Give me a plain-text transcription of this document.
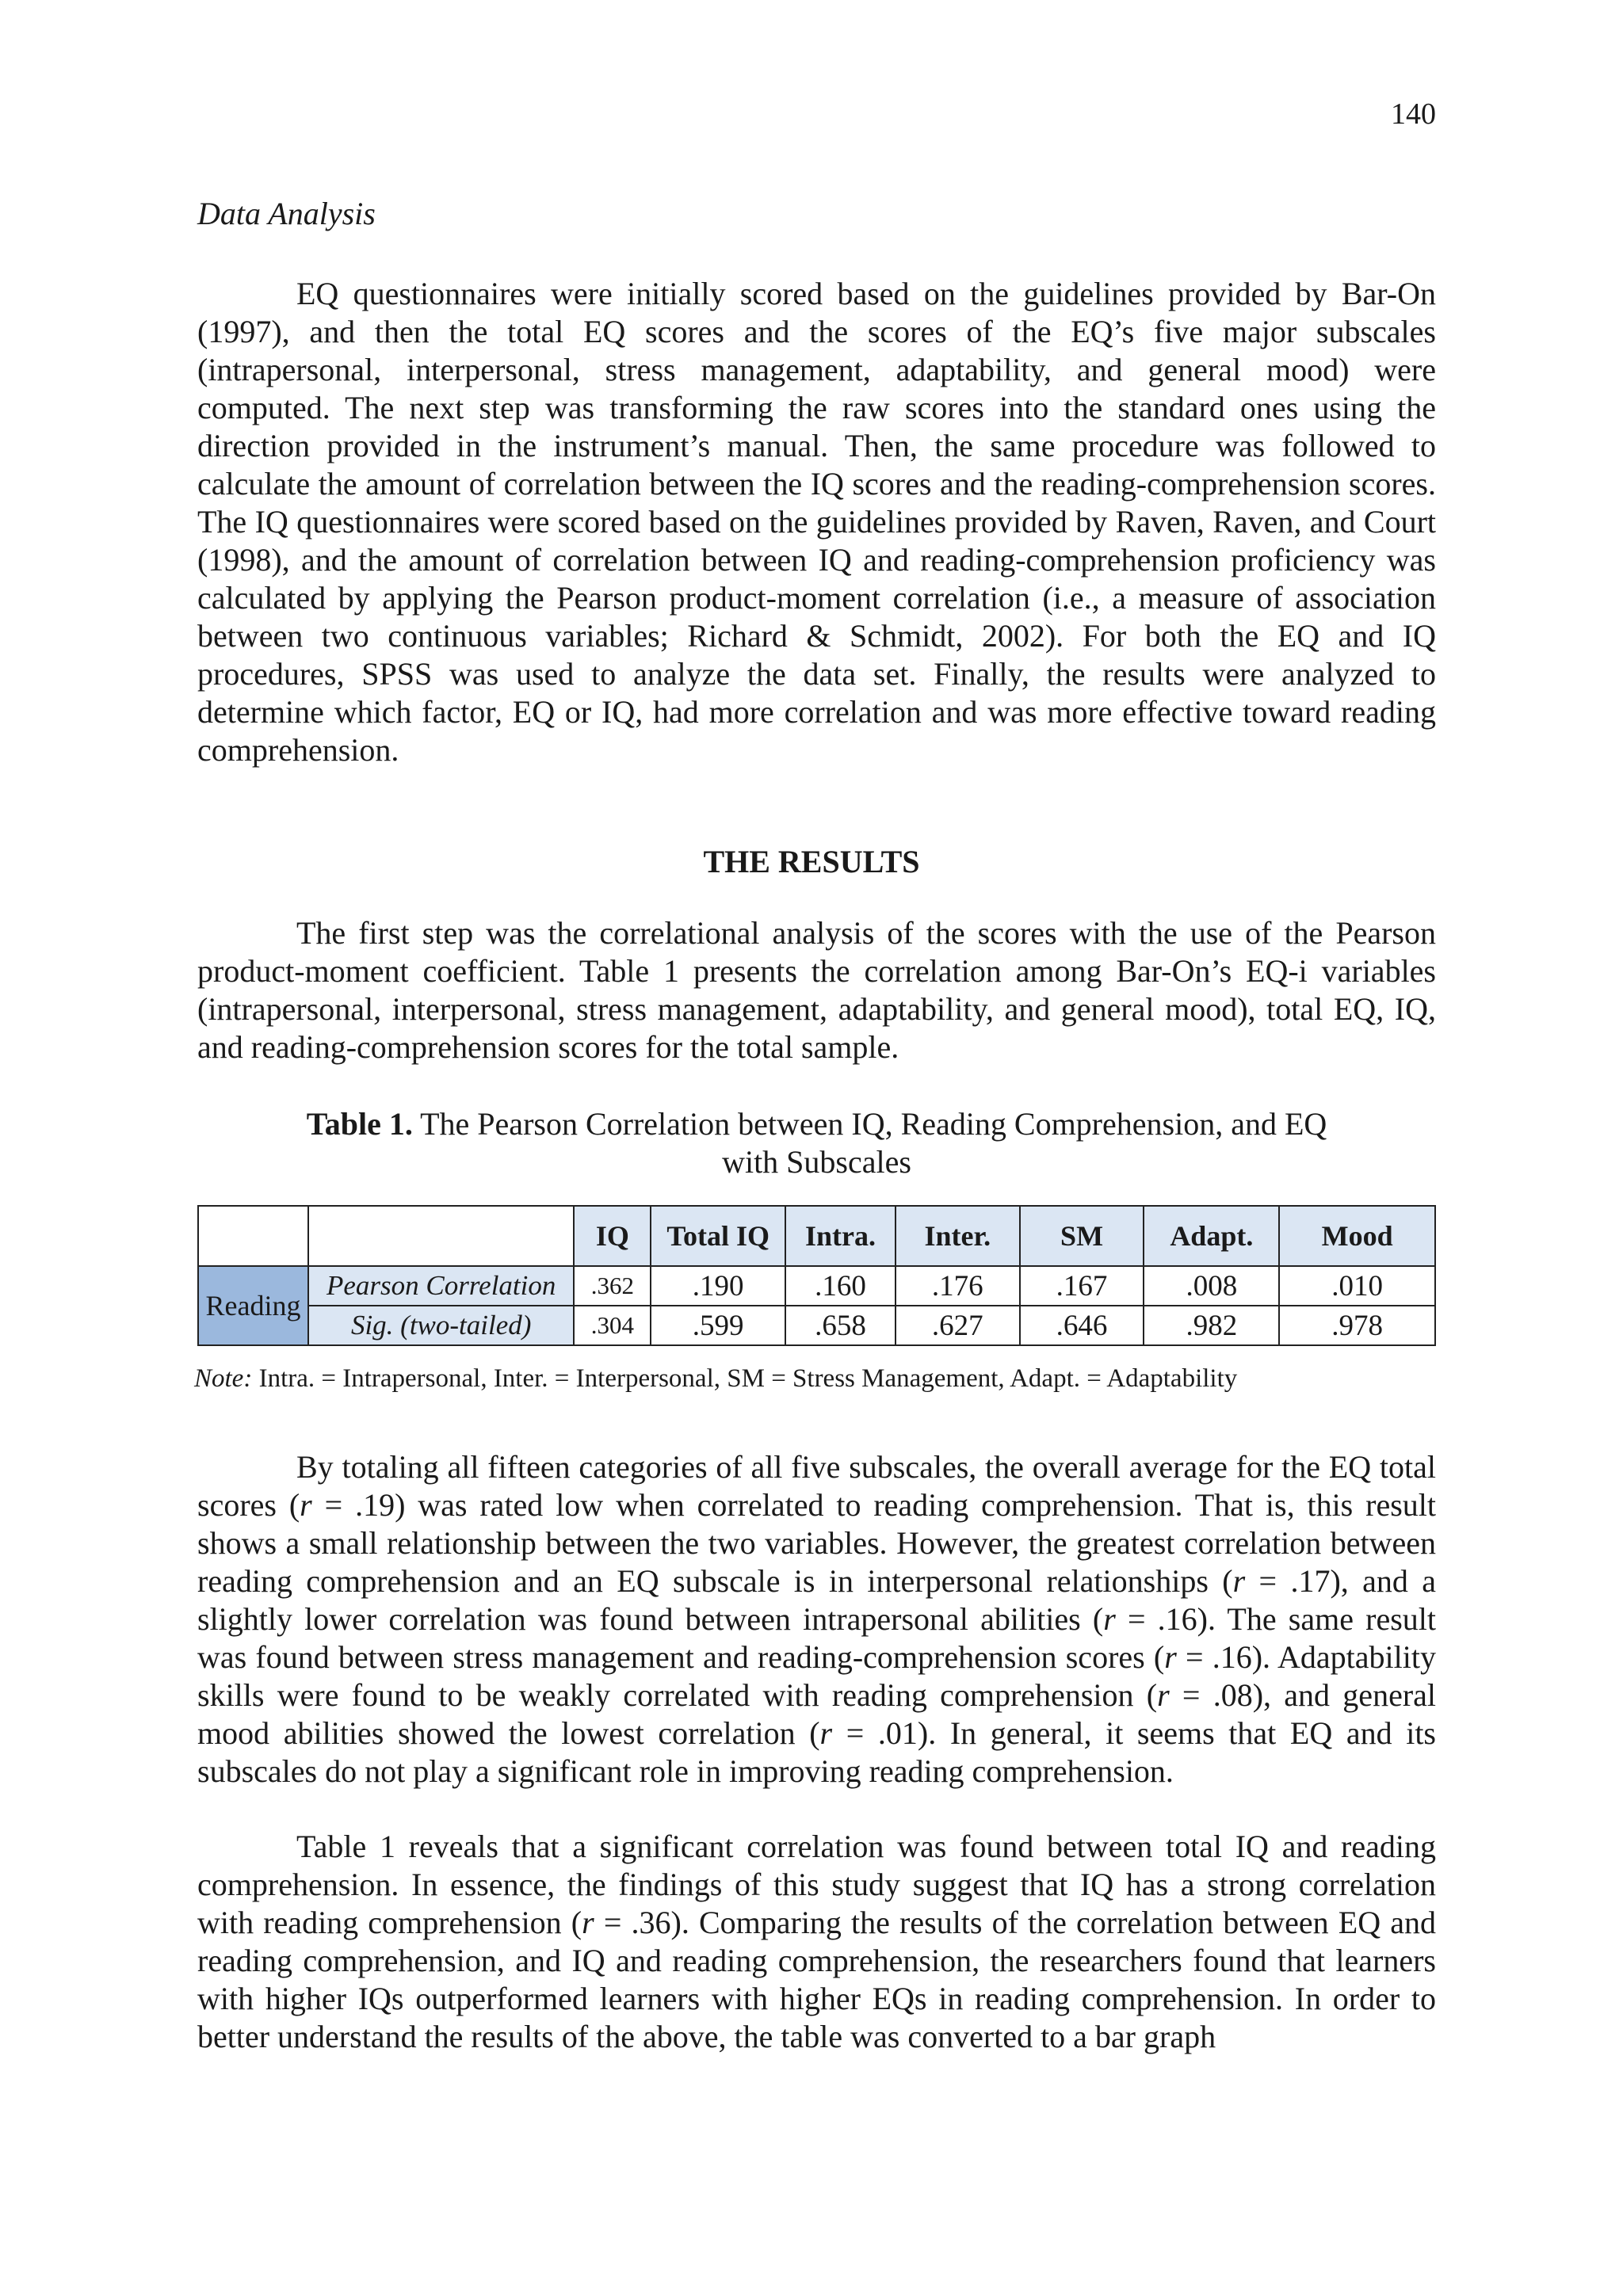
140
Data Analysis

EQ questionnaires were initially scored based on the guidelines provided by Bar-On (1997), and then the total EQ scores and the scores of the EQ’s five major subscales (intrapersonal, interpersonal, stress management, adaptability, and general mood) were computed. The next step was transforming the raw scores into the standard ones using the direction provided in the instrument’s manual. Then, the same procedure was followed to calculate the amount of correlation between the IQ scores and the reading-comprehension scores. The IQ questionnaires were scored based on the guidelines provided by Raven, Raven, and Court (1998), and the amount of correlation between IQ and reading-comprehension proficiency was calculated by applying the Pearson product-moment correlation (i.e., a measure of association between two continuous variables; Richard & Schmidt, 2002). For both the EQ and IQ procedures, SPSS was used to analyze the data set. Finally, the results were analyzed to determine which factor, EQ or IQ, had more correlation and was more effective toward reading comprehension.

THE RESULTS

The first step was the correlational analysis of the scores with the use of the Pearson product-moment coefficient. Table 1 presents the correlation among Bar-On’s EQ-i variables (intrapersonal, interpersonal, stress management, adaptability, and general mood), total EQ, IQ, and reading-comprehension scores for the total sample.

Table 1. The Pearson Correlation between IQ, Reading Comprehension, and EQ with Subscales
		IQ	Total IQ	Intra.	Inter.	SM	Adapt.	Mood
Reading	Pearson Correlation	.362	.190	.160	.176	.167	.008	.010
	Sig. (two-tailed)	.304	.599	.658	.627	.646	.982	.978
Note: Intra. = Intrapersonal, Inter. = Interpersonal, SM = Stress Management, Adapt. = Adaptability

By totaling all fifteen categories of all five subscales, the overall average for the EQ total scores (r = .19) was rated low when correlated to reading comprehension. That is, this result shows a small relationship between the two variables. However, the greatest correlation between reading comprehension and an EQ subscale is in interpersonal relationships (r = .17), and a slightly lower correlation was found between intrapersonal abilities (r = .16). The same result was found between stress management and reading-comprehension scores (r = .16). Adaptability skills were found to be weakly correlated with reading comprehension (r = .08), and general mood abilities showed the lowest correlation (r = .01). In general, it seems that EQ and its subscales do not play a significant role in improving reading comprehension.

Table 1 reveals that a significant correlation was found between total IQ and reading comprehension. In essence, the findings of this study suggest that IQ has a strong correlation with reading comprehension (r = .36). Comparing the results of the correlation between EQ and reading comprehension, and IQ and reading comprehension, the researchers found that learners with higher IQs outperformed learners with higher EQs in reading comprehension. In order to better understand the results of the above, the table was converted to a bar graph
